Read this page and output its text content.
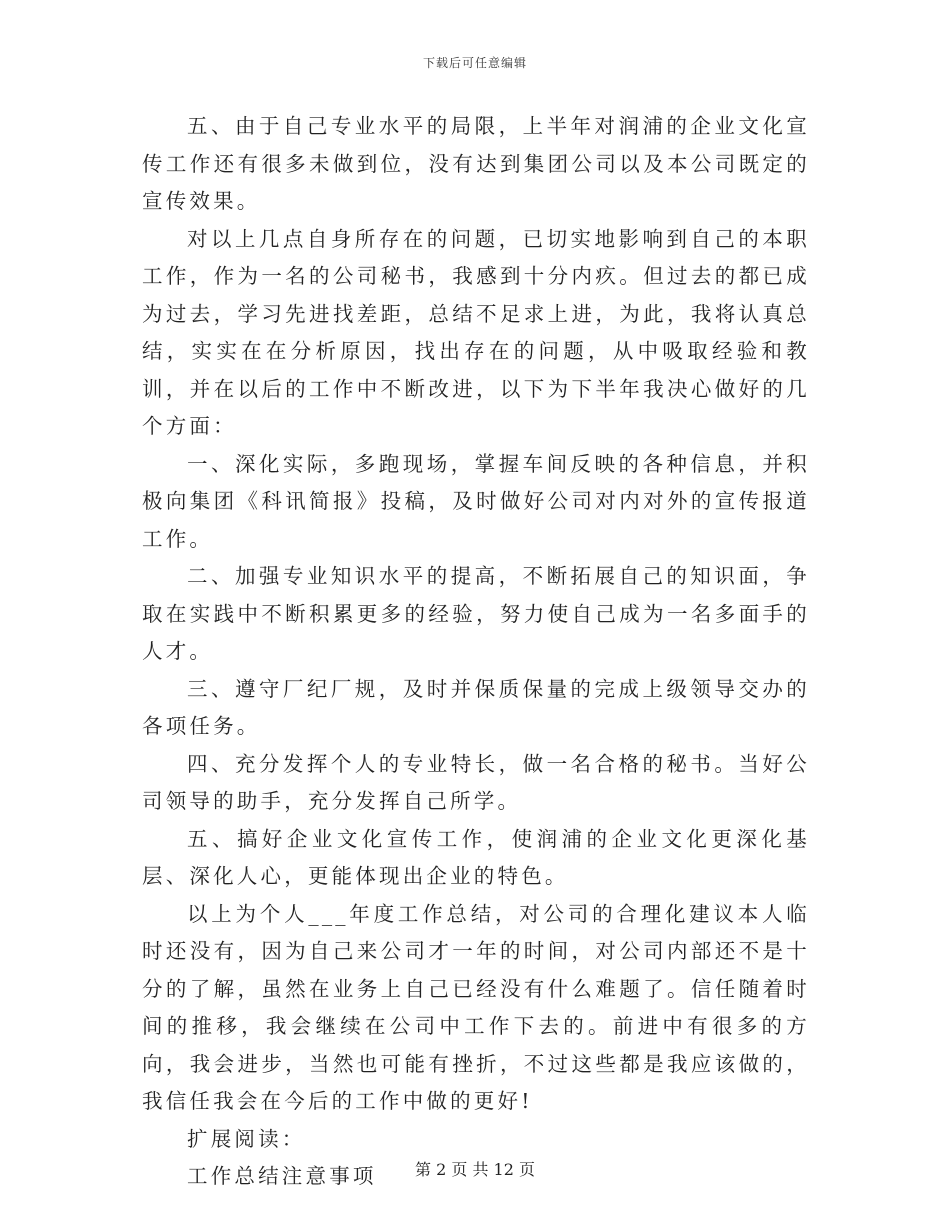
下载后可任意编辑

五、由于自己专业水平的局限，上半年对润浦的企业文化宣传工作还有很多未做到位，没有达到集团公司以及本公司既定的宣传效果。

对以上几点自身所存在的问题，已切实地影响到自己的本职工作，作为一名的公司秘书，我感到十分内疚。但过去的都已成为过去，学习先进找差距，总结不足求上进，为此，我将认真总结，实实在在分析原因，找出存在的问题，从中吸取经验和教训，并在以后的工作中不断改进，以下为下半年我决心做好的几个方面：

一、深化实际，多跑现场，掌握车间反映的各种信息，并积极向集团《科讯简报》投稿，及时做好公司对内对外的宣传报道工作。

二、加强专业知识水平的提高，不断拓展自己的知识面，争取在实践中不断积累更多的经验，努力使自己成为一名多面手的人才。

三、遵守厂纪厂规，及时并保质保量的完成上级领导交办的各项任务。

四、充分发挥个人的专业特长，做一名合格的秘书。当好公司领导的助手，充分发挥自己所学。

五、搞好企业文化宣传工作，使润浦的企业文化更深化基层、深化人心，更能体现出企业的特色。

以上为个人___年度工作总结，对公司的合理化建议本人临时还没有，因为自己来公司才一年的时间，对公司内部还不是十分的了解，虽然在业务上自己已经没有什么难题了。信任随着时间的推移，我会继续在公司中工作下去的。前进中有很多的方向，我会进步，当然也可能有挫折，不过这些都是我应该做的，我信任我会在今后的工作中做的更好!

扩展阅读：

工作总结注意事项	第 2 页 共 12 页
